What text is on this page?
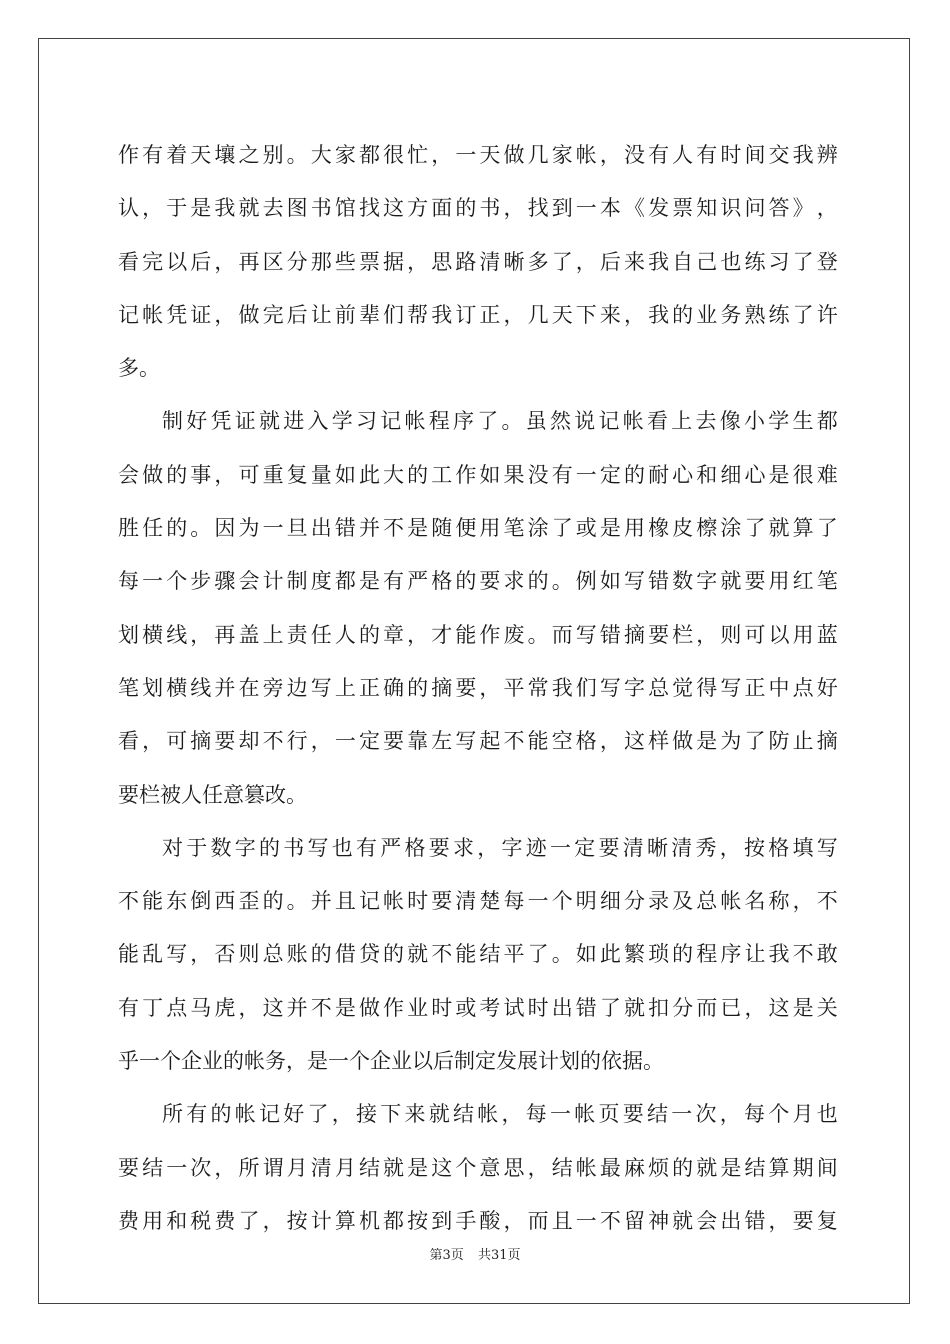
作 有 着 天 壤 之 别 。 大 家 都 很 忙 ， 一 天 做 几 家 帐 ， 没 有 人 有 时 间 交 我 辨
认 ， 于 是 我 就 去 图 书 馆 找 这 方 面 的 书 ， 找 到 一 本 《 发 票 知 识 问 答 》 ，
看 完 以 后 ， 再 区 分 那 些 票 据 ， 思 路 清 晰 多 了 ， 后 来 我 自 己 也 练 习 了 登
记 帐 凭 证 ， 做 完 后 让 前 辈 们 帮 我 订 正 ， 几 天 下 来 ， 我 的 业 务 熟 练 了 许
多 。
制 好 凭 证 就 进 入 学 习 记 帐 程 序 了 。 虽 然 说 记 帐 看 上 去 像 小 学 生 都
会 做 的 事 ， 可 重 复 量 如 此 大 的 工 作 如 果 没 有 一 定 的 耐 心 和 细 心 是 很 难
胜 任 的 。 因 为 一 旦 出 错 并 不 是 随 便 用 笔 涂 了 或 是 用 橡 皮 檫 涂 了 就 算 了
每 一 个 步 骤 会 计 制 度 都 是 有 严 格 的 要 求 的 。 例 如 写 错 数 字 就 要 用 红 笔
划 横 线 ， 再 盖 上 责 任 人 的 章 ， 才 能 作 废 。 而 写 错 摘 要 栏 ， 则 可 以 用 蓝
笔 划 横 线 并 在 旁 边 写 上 正 确 的 摘 要 ， 平 常 我 们 写 字 总 觉 得 写 正 中 点 好
看 ， 可 摘 要 却 不 行 ， 一 定 要 靠 左 写 起 不 能 空 格 ， 这 样 做 是 为 了 防 止 摘
要 栏 被 人 任 意 篡 改 。
对 于 数 字 的 书 写 也 有 严 格 要 求 ， 字 迹 一 定 要 清 晰 清 秀 ， 按 格 填 写
不 能 东 倒 西 歪 的 。 并 且 记 帐 时 要 清 楚 每 一 个 明 细 分 录 及 总 帐 名 称 ， 不
能 乱 写 ， 否 则 总 账 的 借 贷 的 就 不 能 结 平 了 。 如 此 繁 琐 的 程 序 让 我 不 敢
有 丁 点 马 虎 ， 这 并 不 是 做 作 业 时 或 考 试 时 出 错 了 就 扣 分 而 已 ， 这 是 关
乎 一 个 企 业 的 帐 务 ， 是 一 个 企 业 以 后 制 定 发 展 计 划 的 依 据 。
所 有 的 帐 记 好 了 ， 接 下 来 就 结 帐 ， 每 一 帐 页 要 结 一 次 ， 每 个 月 也
要 结 一 次 ， 所 谓 月 清 月 结 就 是 这 个 意 思 ， 结 帐 最 麻 烦 的 就 是 结 算 期 间
费 用 和 税 费 了 ， 按 计 算 机 都 按 到 手 酸 ， 而 且 一 不 留 神 就 会 出 错 ， 要 复
第3页 共31页
